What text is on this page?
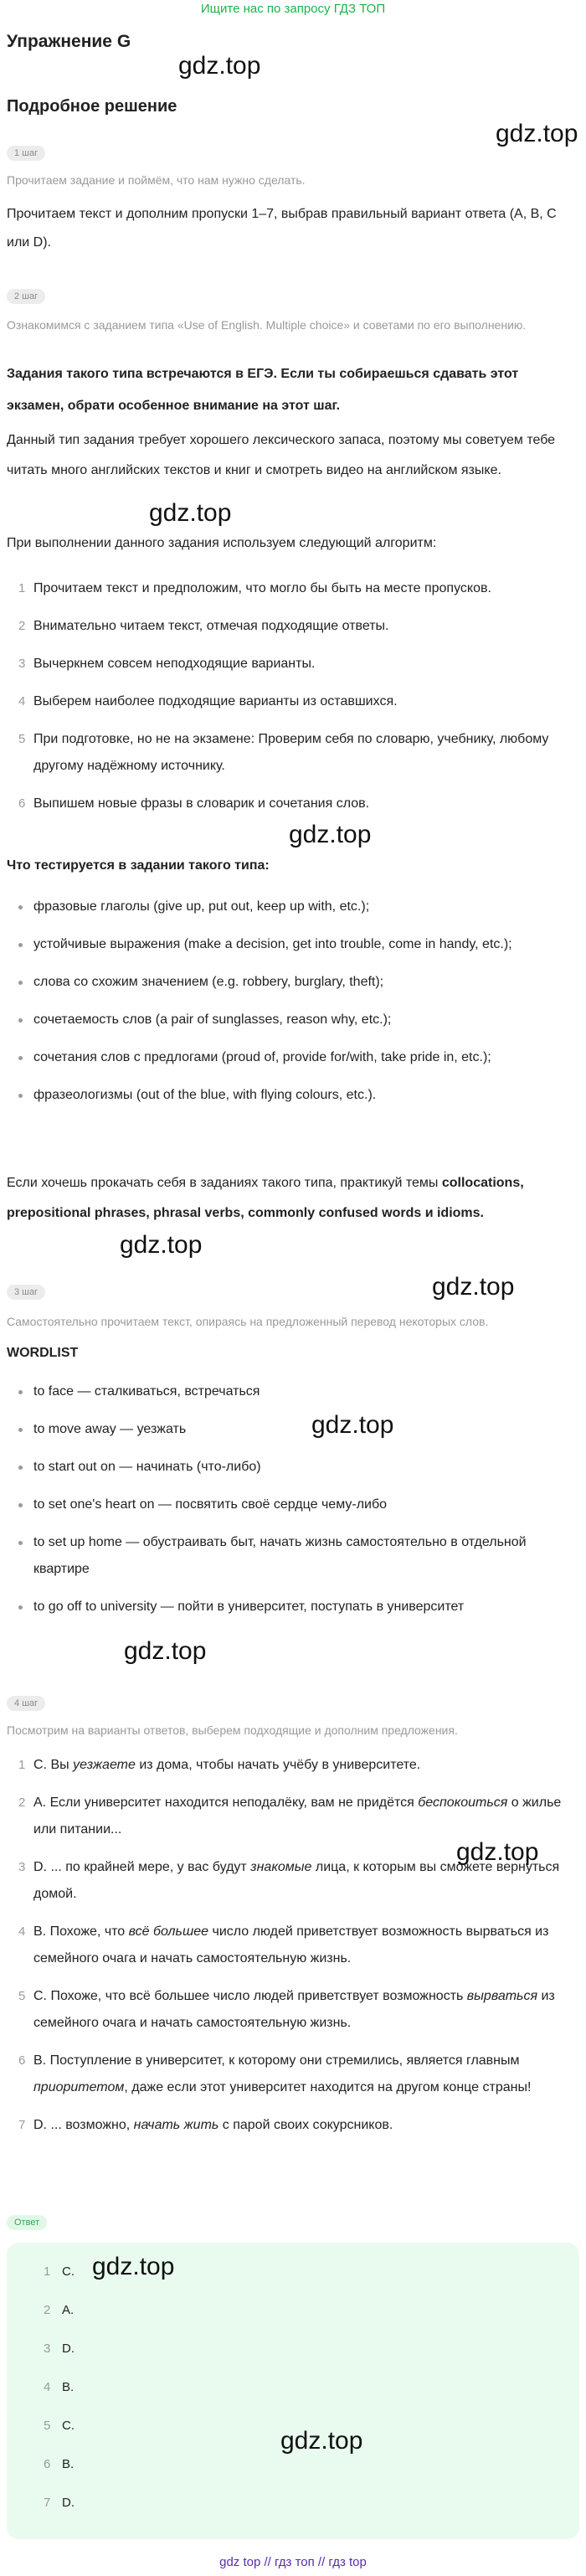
Ищите нас по запросу ГДЗ ТОП
Упражнение G
gdz.top
Подробное решение
gdz.top
1 шаг
Прочитаем задание и поймём, что нам нужно сделать.
Прочитаем текст и дополним пропуски 1–7, выбрав правильный вариант ответа (A, B, C или D).
2 шаг
Ознакомимся с заданием типа «Use of English. Multiple choice» и советами по его выполнению.
Задания такого типа встречаются в ЕГЭ. Если ты собираешься сдавать этот экзамен, обрати особенное внимание на этот шаг.
Данный тип задания требует хорошего лексического запаса, поэтому мы советуем тебе читать много английских текстов и книг и смотреть видео на английском языке.
gdz.top
При выполнении данного задания используем следующий алгоритм:
1 Прочитаем текст и предположим, что могло бы быть на месте пропусков.
2 Внимательно читаем текст, отмечая подходящие ответы.
3 Вычеркнем совсем неподходящие варианты.
4 Выберем наиболее подходящие варианты из оставшихся.
5 При подготовке, но не на экзамене: Проверим себя по словарю, учебнику, любому другому надёжному источнику.
6 Выпишем новые фразы в словарик и сочетания слов.
gdz.top
Что тестируется в задании такого типа:
фразовые глаголы (give up, put out, keep up with, etc.);
устойчивые выражения (make a decision, get into trouble, come in handy, etc.);
слова со схожим значением (e.g. robbery, burglary, theft);
сочетаемость слов (a pair of sunglasses, reason why, etc.);
сочетания слов с предлогами (proud of, provide for/with, take pride in, etc.);
фразеологизмы (out of the blue, with flying colours, etc.).
Если хочешь прокачать себя в заданиях такого типа, практикуй темы collocations, prepositional phrases, phrasal verbs, commonly confused words и idioms.
gdz.top
3 шаг	gdz.top
Самостоятельно прочитаем текст, опираясь на предложенный перевод некоторых слов.
WORDLIST
to face — сталкиваться, встречаться
to move away — уезжать
to start out on — начинать (что-либо)
to set one's heart on — посвятить своё сердце чему-либо
to set up home — обустраивать быт, начать жизнь самостоятельно в отдельной квартире
to go off to university — пойти в университет, поступать в университет
gdz.top
gdz.top
4 шаг
Посмотрим на варианты ответов, выберем подходящие и дополним предложения.
1 C. Вы уезжаете из дома, чтобы начать учёбу в университете.
2 A. Если университет находится неподалёку, вам не придётся беспокоиться о жилье или питании...
3 D. ... по крайней мере, у вас будут знакомые лица, к которым вы сможете вернуться домой.
4 B. Похоже, что всё большее число людей приветствует возможность вырваться из семейного очага и начать самостоятельную жизнь.
5 C. Похоже, что всё большее число людей приветствует возможность вырваться из семейного очага и начать самостоятельную жизнь.
6 B. Поступление в университет, к которому они стремились, является главным приоритетом, даже если этот университет находится на другом конце страны!
7 D. ... возможно, начать жить с парой своих сокурсников.
gdz.top
Ответ
1 C.
2 A.
3 D.
4 B.
5 C.
6 B.
7 D.
gdz.top
gdz.top
gdz top // гдз топ // гдз top
